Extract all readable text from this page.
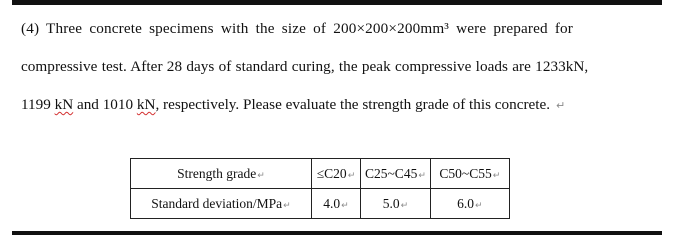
(4) Three concrete specimens with the size of 200×200×200mm³ were prepared for
compressive test. After 28 days of standard curing, the peak compressive loads are 1233kN,
1199 kN and 1010 kN, respectively. Please evaluate the strength grade of this concrete. ↵
Strength grade↵	≤C20↵	C25~C45↵	C50~C55↵
Standard deviation/MPa↵	4.0↵	5.0↵	6.0↵
